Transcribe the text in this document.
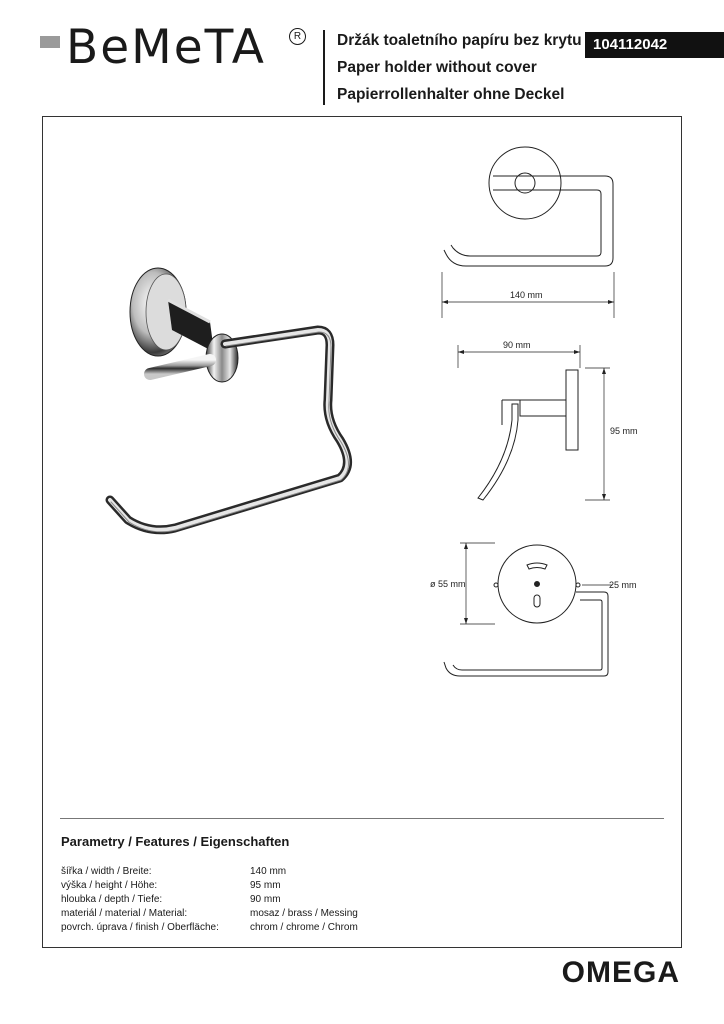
BeMeTA	R	Držák toaletního papíru bez krytu
Paper holder without cover
Papierrollenhalter ohne Deckel
104112042
140 mm
90 mm
95 mm
ø 55 mm	25 mm
Parametry / Features / Eigenschaften
šířka / width / Breite:	140 mm
výška / height / Höhe:	95 mm
hloubka / depth / Tiefe:	90 mm
materiál / material / Material:	mosaz / brass / Messing
povrch. úprava / finish / Oberfläche:	chrom / chrome / Chrom
OMEGA
